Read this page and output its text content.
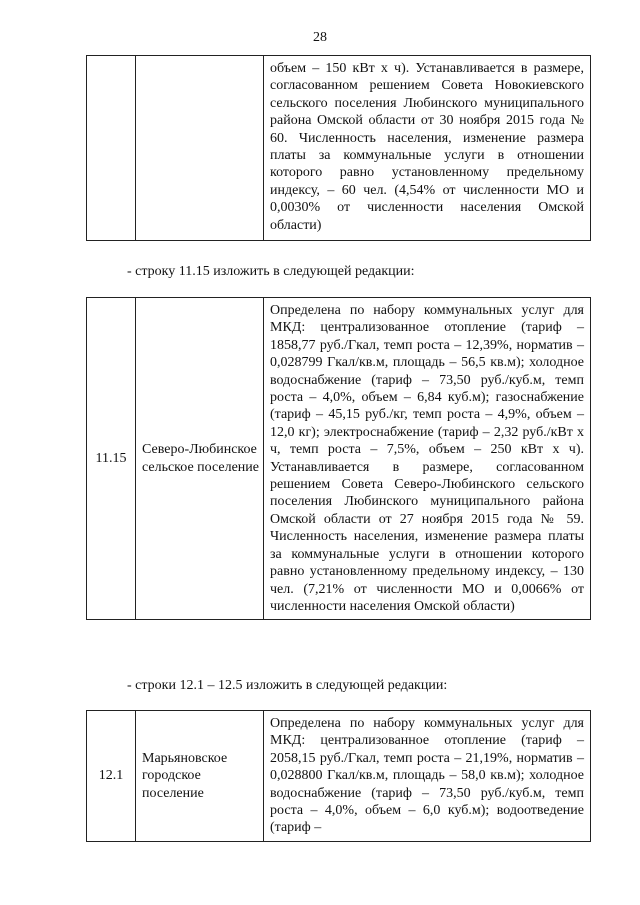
28
		объем – 150 кВт х ч). Устанавливается в размере, согласованном решением Совета Новокиевского сельского поселения Любинского муниципального района Омской области от 30 ноября 2015 года № 60. Численность населения, изменение размера платы за коммунальные услуги в отношении которого равно установленному предельному индексу, – 60 чел. (4,54% от численности МО и 0,0030% от численности населения Омской области)
- строку 11.15 изложить в следующей редакции:
11.15	Северо-Любинское сельское поселение	Определена по набору коммунальных услуг для МКД: централизованное отопление (тариф – 1858,77 руб./Гкал, темп роста – 12,39%, норматив – 0,028799 Гкал/кв.м, площадь – 56,5 кв.м); холодное водоснабжение (тариф – 73,50 руб./куб.м, темп роста – 4,0%, объем – 6,84 куб.м); газоснабжение (тариф – 45,15 руб./кг, темп роста – 4,9%, объем – 12,0 кг); электроснабжение (тариф – 2,32 руб./кВт х ч, темп роста – 7,5%, объем – 250 кВт х ч). Устанавливается в размере, согласованном решением Совета Северо-Любинского сельского поселения Любинского муниципального района Омской области от 27 ноября 2015 года № 59. Численность населения, изменение размера платы за коммунальные услуги в отношении которого равно установленному предельному индексу, – 130 чел. (7,21% от численности МО и 0,0066% от численности населения Омской области)
- строки 12.1 – 12.5 изложить в следующей редакции:
12.1	Марьяновское городское поселение	Определена по набору коммунальных услуг для МКД: централизованное отопление (тариф – 2058,15 руб./Гкал, темп роста – 21,19%, норматив – 0,028800 Гкал/кв.м, площадь – 58,0 кв.м); холодное водоснабжение (тариф – 73,50 руб./куб.м, темп роста – 4,0%, объем – 6,0 куб.м); водоотведение (тариф –
